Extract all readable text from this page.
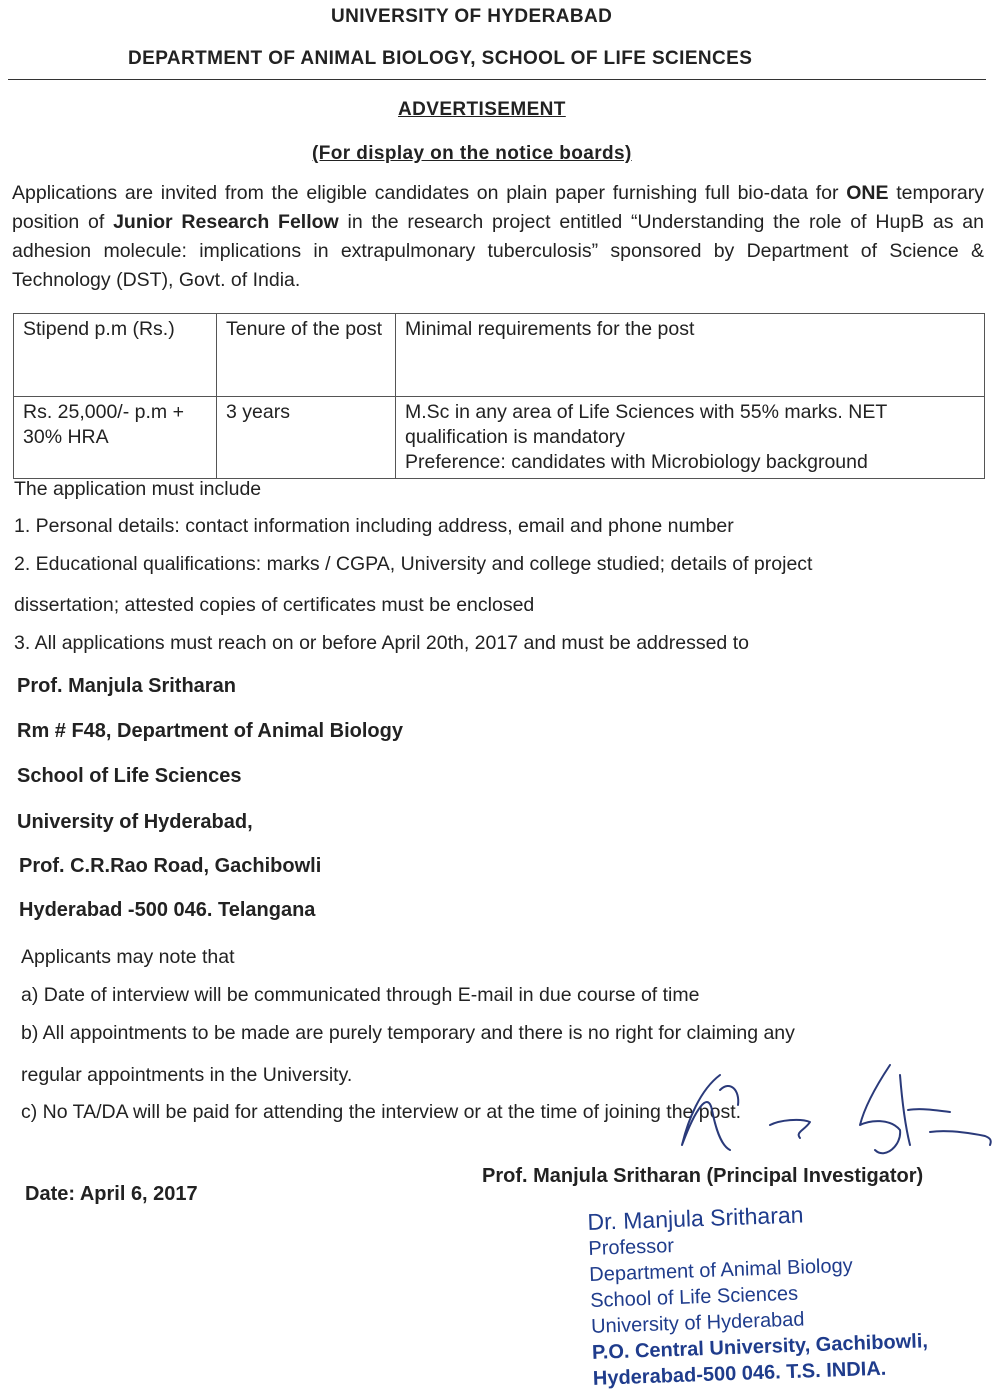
UNIVERSITY OF HYDERABAD
DEPARTMENT OF ANIMAL BIOLOGY, SCHOOL OF LIFE SCIENCES
ADVERTISEMENT
(For display on the notice boards)
Applications are invited from the eligible candidates on plain paper furnishing full bio-data for ONE temporary position of Junior Research Fellow in the research project entitled “Understanding the role of HupB as an adhesion molecule: implications in extrapulmonary tuberculosis” sponsored by Department of Science & Technology (DST), Govt. of India.
Stipend p.m (Rs.)	Tenure of the post	Minimal requirements for the post
Rs. 25,000/- p.m + 30% HRA	3 years	M.Sc in any area of Life Sciences with 55% marks. NET qualification is mandatory
Preference: candidates with Microbiology background
The application must include
1. Personal details: contact information including address, email and phone number
2. Educational qualifications: marks / CGPA, University and college studied; details of project
dissertation; attested copies of certificates must be enclosed
3. All applications must reach on or before April 20th, 2017 and must be addressed to
Prof. Manjula Sritharan
Rm # F48, Department of Animal Biology
School of Life Sciences
University of Hyderabad,
Prof. C.R.Rao Road, Gachibowli
Hyderabad -500 046. Telangana
Applicants may note that
a) Date of interview will be communicated through E-mail in due course of time
b) All appointments to be made are purely temporary and there is no right for claiming any
regular appointments in the University.
c) No TA/DA will be paid for attending the interview or at the time of joining the post.
Date: April 6, 2017
Prof. Manjula Sritharan (Principal Investigator)
Dr. Manjula Sritharan
Professor
Department of Animal Biology
School of Life Sciences
University of Hyderabad
P.O. Central University, Gachibowli,
Hyderabad-500 046. T.S. INDIA.
